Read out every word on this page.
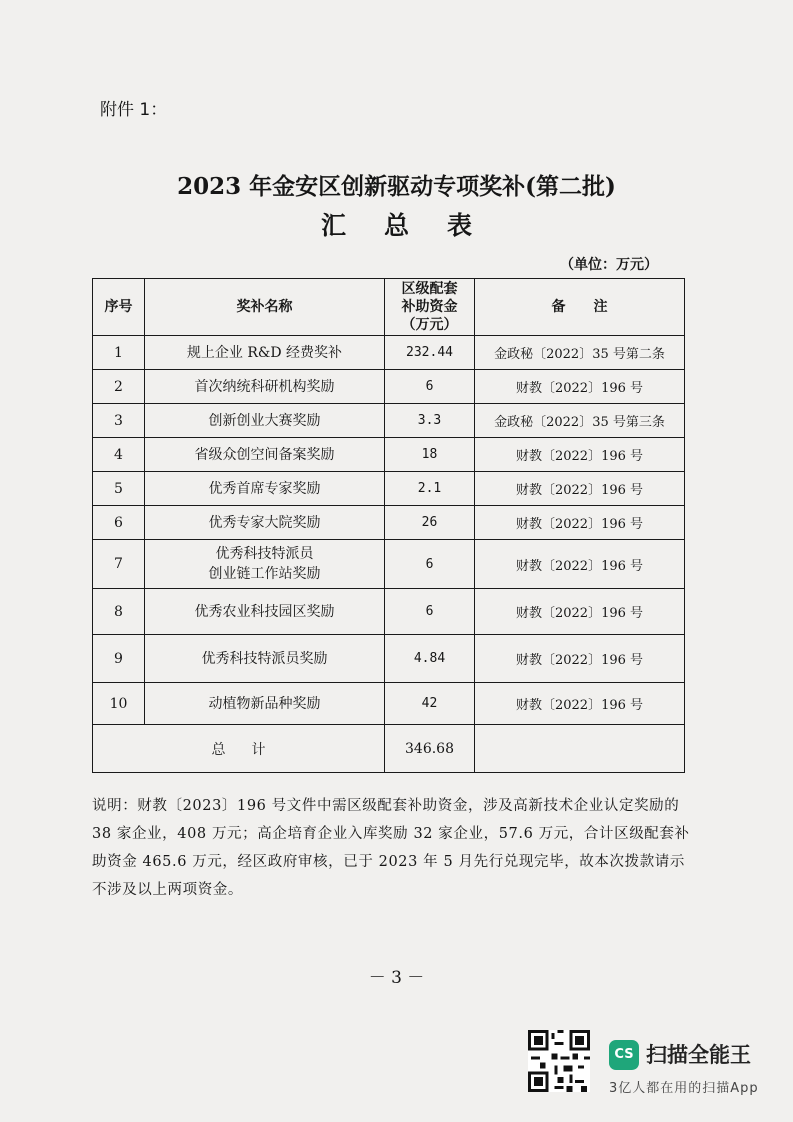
附件 1：
2023 年金安区创新驱动专项奖补(第二批)
汇总表
（单位：万元）
序号	奖补名称	区级配套
补助资金
（万元）	备　　注
1	规上企业 R&D 经费奖补	232.44	金政秘〔2022〕35 号第二条
2	首次纳统科研机构奖励	6	财教〔2022〕196 号
3	创新创业大赛奖励	3.3	金政秘〔2022〕35 号第三条
4	省级众创空间备案奖励	18	财教〔2022〕196 号
5	优秀首席专家奖励	2.1	财教〔2022〕196 号
6	优秀专家大院奖励	26	财教〔2022〕196 号
7	优秀科技特派员
创业链工作站奖励	6	财教〔2022〕196 号
8	优秀农业科技园区奖励	6	财教〔2022〕196 号
9	优秀科技特派员奖励	4.84	财教〔2022〕196 号
10	动植物新品种奖励	42	财教〔2022〕196 号
总计		346.68	
说明：财教〔2023〕196 号文件中需区级配套补助资金，涉及高新技术企业认定奖励的 38 家企业，408 万元；高企培育企业入库奖励 32 家企业，57.6 万元，合计区级配套补助资金 465.6 万元，经区政府审核，已于 2023 年 5 月先行兑现完毕，故本次拨款请示不涉及以上两项资金。
－ 3 －
CS 扫描全能王
3亿人都在用的扫描App
